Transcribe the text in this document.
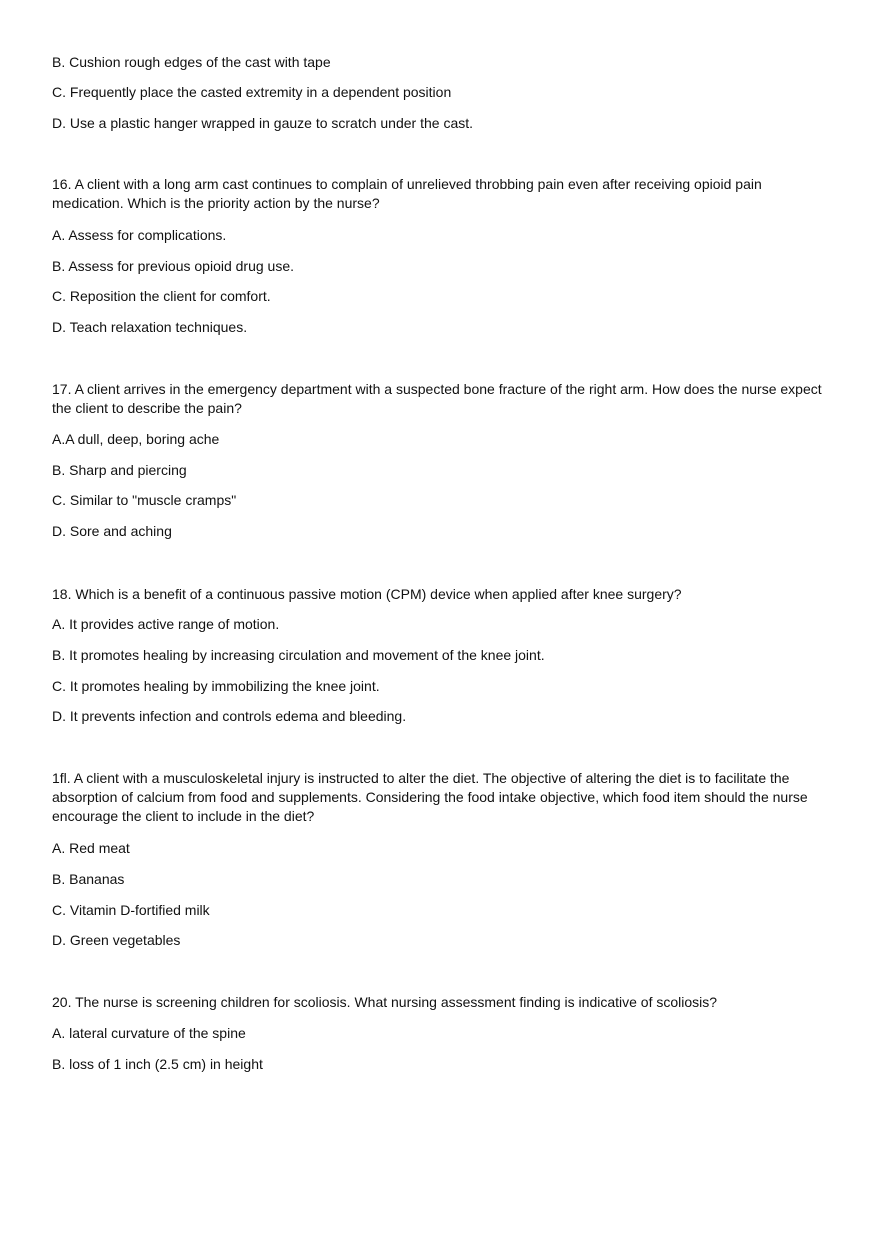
B. Cushion rough edges of the cast with tape
C. Frequently place the casted extremity in a dependent position
D. Use a plastic hanger wrapped in gauze to scratch under the cast.
16. A client with a long arm cast continues to complain of unrelieved throbbing pain even after receiving opioid pain medication. Which is the priority action by the nurse?
A. Assess for complications.
B. Assess for previous opioid drug use.
C. Reposition the client for comfort.
D. Teach relaxation techniques.
17. A client arrives in the emergency department with a suspected bone fracture of the right arm. How does the nurse expect the client to describe the pain?
A.A dull, deep, boring ache
B. Sharp and piercing
C. Similar to "muscle cramps"
D. Sore and aching
18. Which is a benefit of a continuous passive motion (CPM) device when applied after knee surgery?
A. It provides active range of motion.
B. It promotes healing by increasing circulation and movement of the knee joint.
C. It promotes healing by immobilizing the knee joint.
D. It prevents infection and controls edema and bleeding.
1fl. A client with a musculoskeletal injury is instructed to alter the diet. The objective of altering the diet is to facilitate the absorption of calcium from food and supplements. Considering the food intake objective, which food item should the nurse encourage the client to include in the diet?
A. Red meat
B. Bananas
C. Vitamin D-fortified milk
D. Green vegetables
20. The nurse is screening children for scoliosis. What nursing assessment finding is indicative of scoliosis?
A. lateral curvature of the spine
B. loss of 1 inch (2.5 cm) in height
